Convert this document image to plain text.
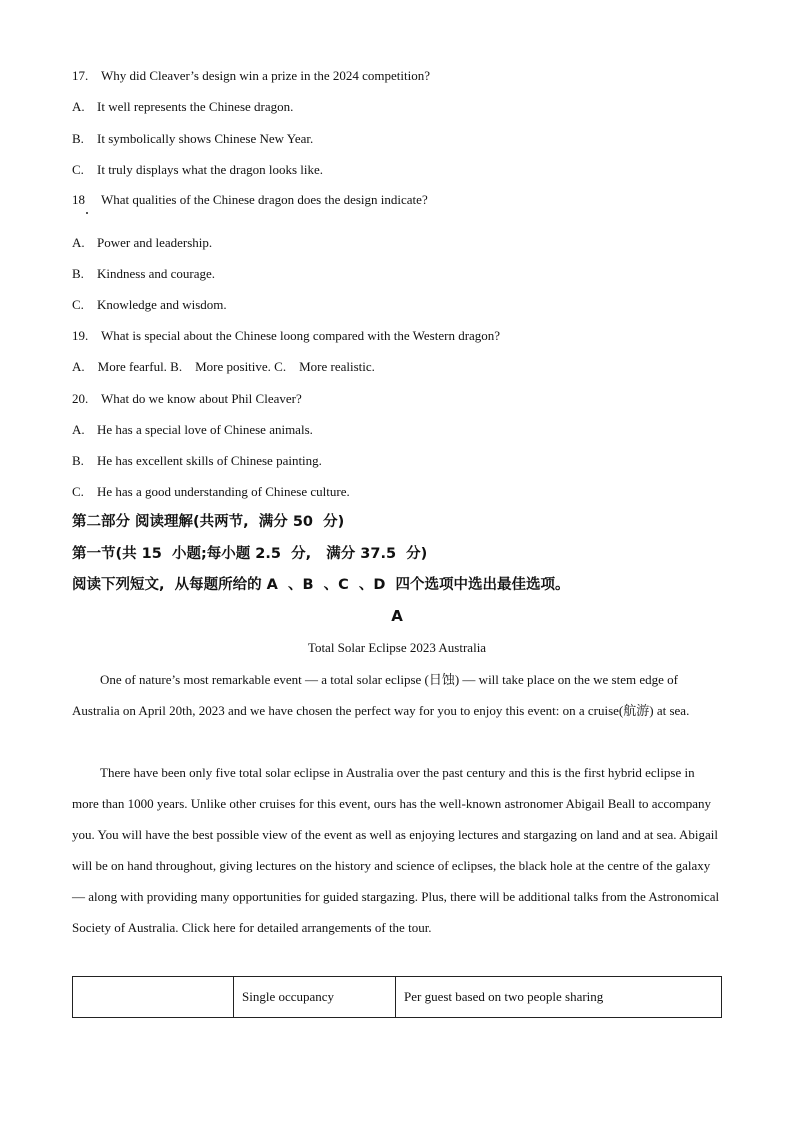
17. Why did Cleaver’s design win a prize in the 2024 competition?
A. It well represents the Chinese dragon.
B. It symbolically shows Chinese New Year.
C. It truly displays what the dragon looks like.
18 What qualities of the Chinese dragon does the design indicate?
A. Power and leadership.
B. Kindness and courage.
C. Knowledge and wisdom.
19. What is special about the Chinese loong compared with the Western dragon?
A.    More fearful. B.    More positive. C.    More realistic.
20. What do we know about Phil Cleaver?
A. He has a special love of Chinese animals.
B. He has excellent skills of Chinese painting.
C. He has a good understanding of Chinese culture.
第二部分 阅读理解(共两节,  满分 50  分)
第一节(共 15  小题;每小题 2.5  分,   满分 37.5  分)
阅读下列短文,  从每题所给的 A  、B  、C  、D  四个选项中选出最佳选项。
A
Total Solar Eclipse 2023 Australia
One of nature’s most remarkable event — a total solar eclipse (日蚀) — will take place on the we stem edge of Australia on April 20th, 2023 and we have chosen the perfect way for you to enjoy this event: on a cruise(航游) at sea.
There have been only five total solar eclipse in Australia over the past century and this is the first hybrid eclipse in more than 1000 years. Unlike other cruises for this event, ours has the well-known astronomer Abigail Beall to accompany you. You will have the best possible view of the event as well as enjoying lectures and stargazing on land and at sea. Abigail will be on hand throughout, giving lectures on the history and science of eclipses, the black hole at the centre of the galaxy — along with providing many opportunities for guided stargazing. Plus, there will be additional talks from the Astronomical Society of Australia. Click here for detailed arrangements of the tour.
	Single occupancy	Per guest based on two people sharing
